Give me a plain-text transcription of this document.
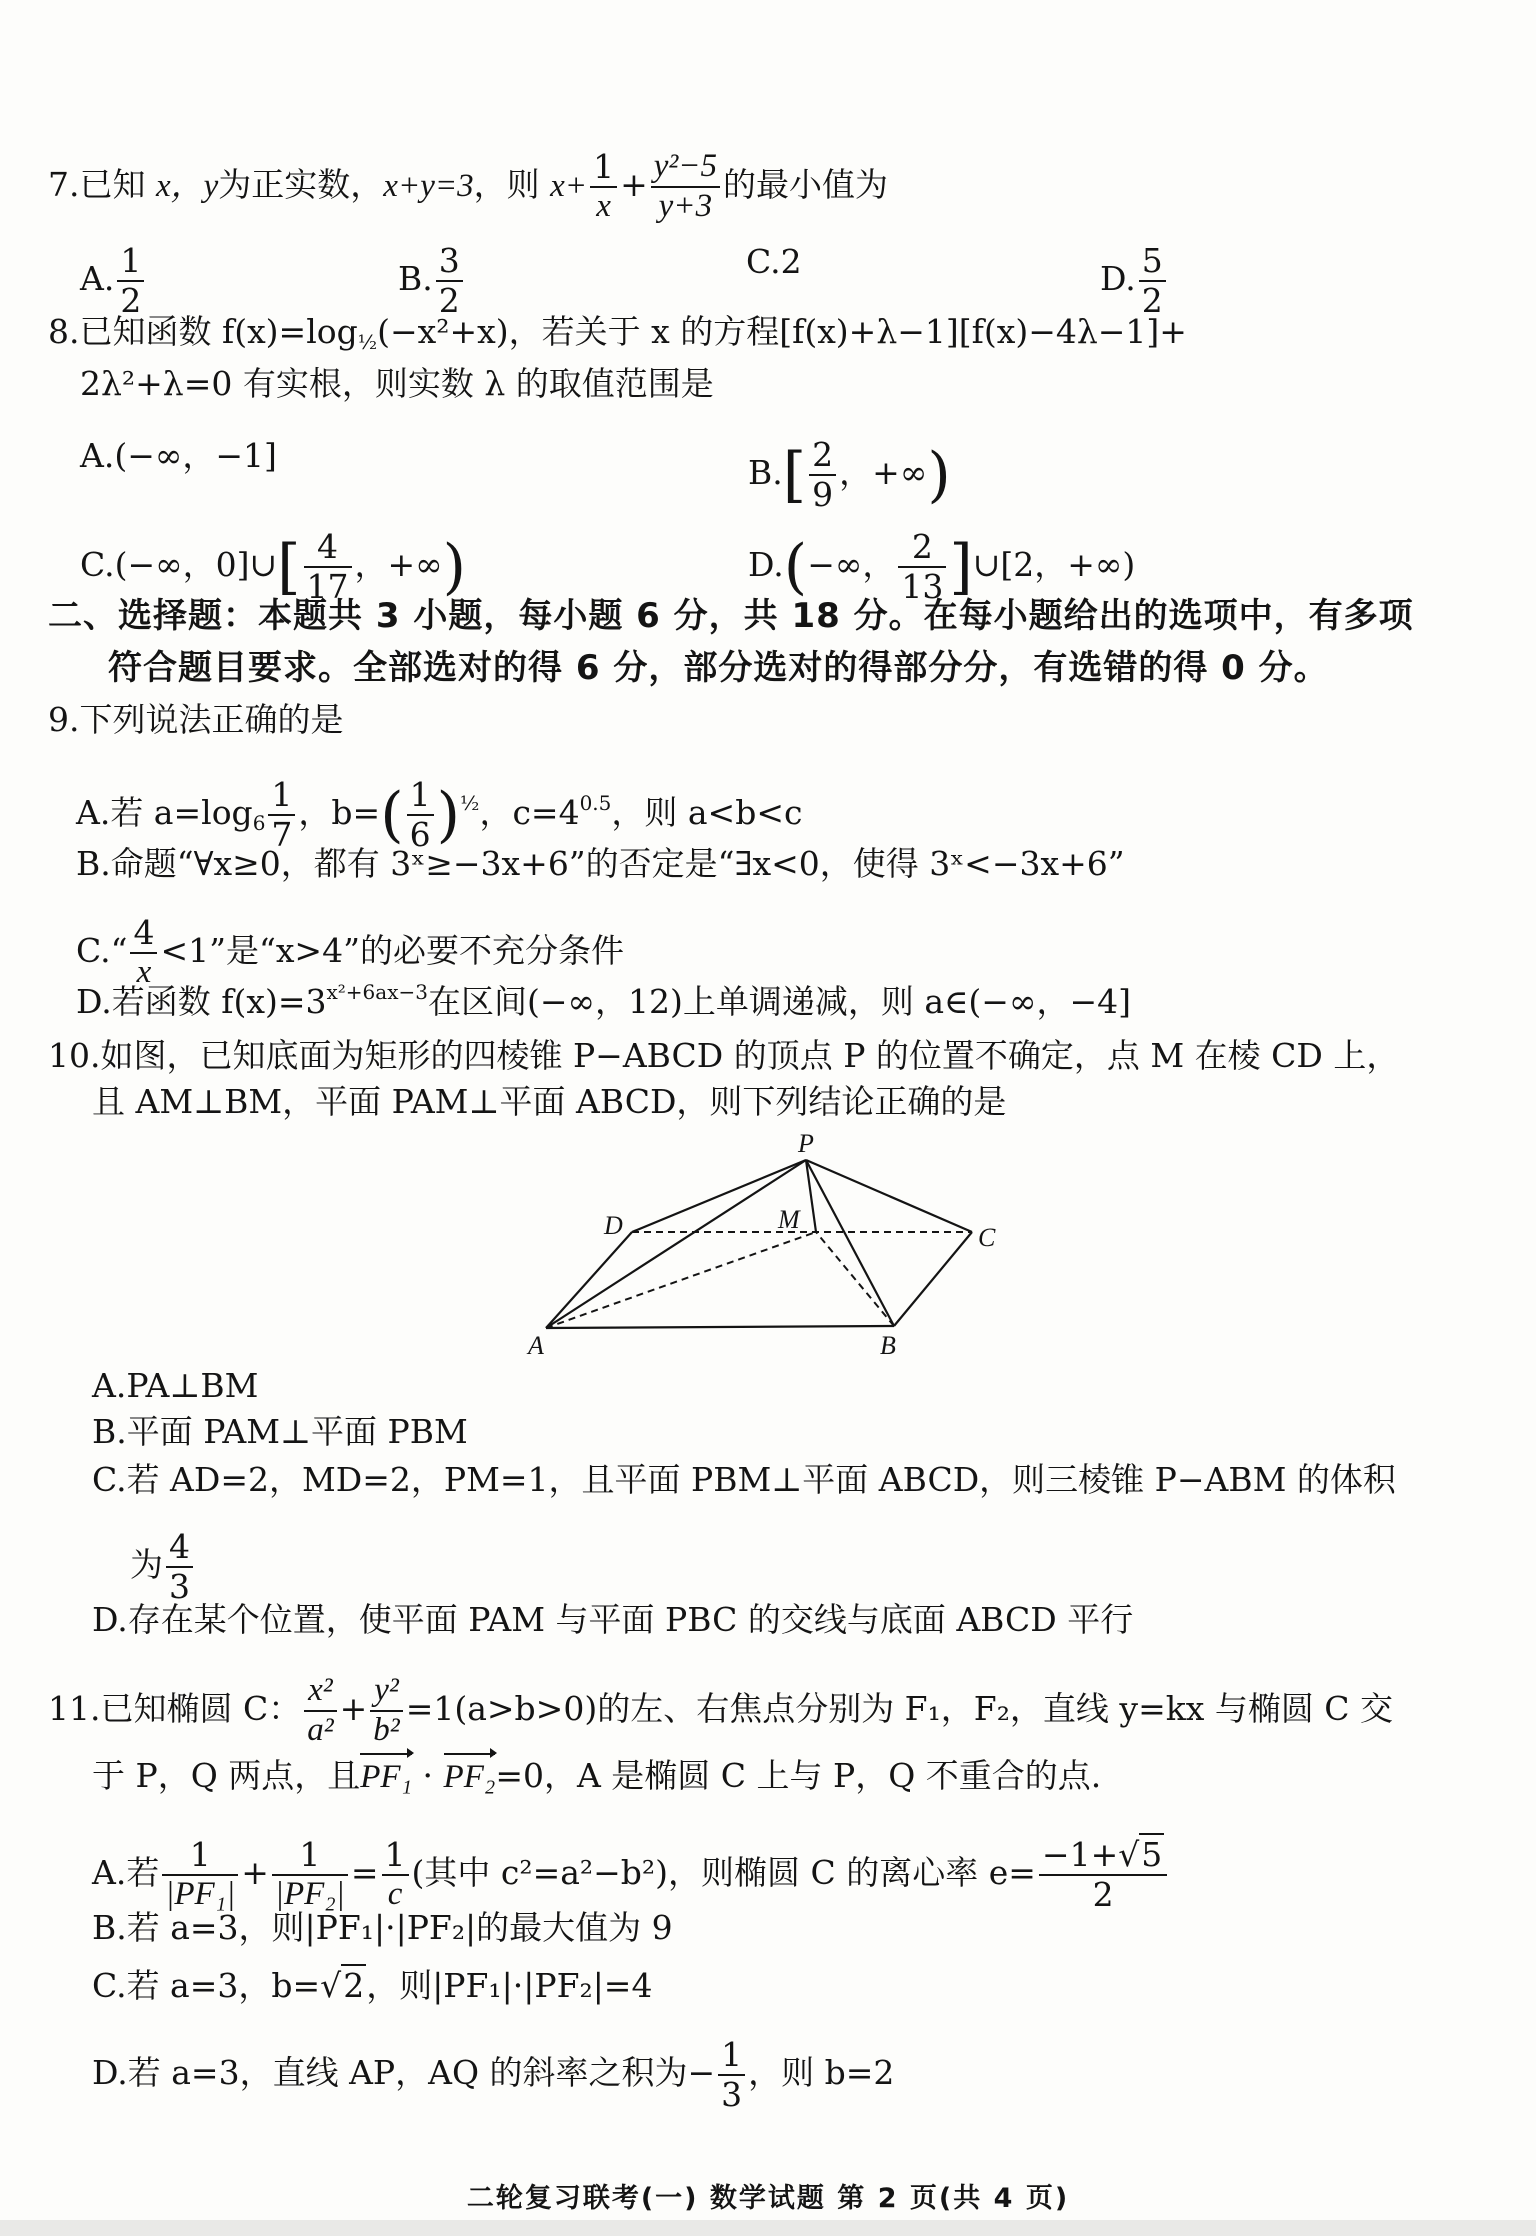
7.已知 x，y为正实数，x+y=3，则 $x+ \frac{1}{x} + \frac{\text{y²−5}}{y+3}$ 的最小值为
A. $\frac{1}{2}$	B. $\frac{3}{2}$	C.2	D. $\frac{5}{2}$
8.已知函数 $f(x)=\log_{\frac{1}{2}}(-x^2+x)$，若关于 x 的方程[f(x)+λ−1][f(x)−4λ−1]+
2λ²+λ=0 有实根，则实数 λ 的取值范围是
A.(−∞，−1]	$B.[ \frac{2}{9}$ ，+∞)
C.(−∞，0]∪[ $\frac{4}{17}$ ，+∞)	D.(−∞， $\frac{2}{13}$ ]∪[2，+∞)
二、选择题：本题共 3 小题，每小题 6 分，共 18 分。在每小题给出的选项中，有多项
符合题目要求。全部选对的得 6 分，部分选对的得部分分，有选错的得 0 分。
9.下列说法正确的是
A.若 $a=\log_6 \frac{1}{7}$ ，$b=( \frac{1}{6} )^{\frac{1}{2}}$，$c=4^{0.5}$，则 a<b<c
B.命题“∀x≥0，都有 3ˣ≥−3x+6”的否定是“∃x<0，使得 3ˣ<−3x+6”
C.“ $\frac{4}{x} <1$”是“x>4”的必要不充分条件
D.若函数 $f(x)=3^{x^2+6ax-3}$在区间(−∞，12)上单调递减，则 a∈(−∞，−4]
10.如图，已知底面为矩形的四棱锥 P−ABCD 的顶点 P 的位置不确定，点 M 在棱 CD 上，
且 AM⊥BM，平面 PAM⊥平面 ABCD，则下列结论正确的是
P
D	M
C
A	B
A.PA⊥BM
B.平面 PAM⊥平面 PBM
C.若 AD=2，MD=2，PM=1，且平面 PBM⊥平面 ABCD，则三棱锥 P−ABM 的体积
为 $\frac{4}{3}$
D.存在某个位置，使平面 PAM 与平面 PBC 的交线与底面 ABCD 平行
11.已知椭圆 C： $\frac{\text{x²}}{\text{a²}} + \frac{\text{y²}}{\text{b²}} =1(a>b>0)$的左、右焦点分别为 F₁，F₂，直线 y=kx 与椭圆 C 交
于 P，Q 两点，且PF₁ · PF₂=0，A 是椭圆 C 上与 P，Q 不重合的点.
A.若 $\frac{1}{\text{|PF₁|}} + \frac{1}{\text{|PF₂|}} = \frac{1}{c}$ (其中 c²=a²−b²)，则椭圆 C 的离心率 $e= \frac{-1+√5}{2}$
B.若 a=3，则|PF₁|·|PF₂|的最大值为 9
C.若 a=3，b=√2，则|PF₁|·|PF₂|=4
D.若 a=3，直线 AP，AQ 的斜率之积为− $\frac{1}{3}$ ，则 b=2
二轮复习联考(一) 数学试题 第 2 页(共 4 页)
